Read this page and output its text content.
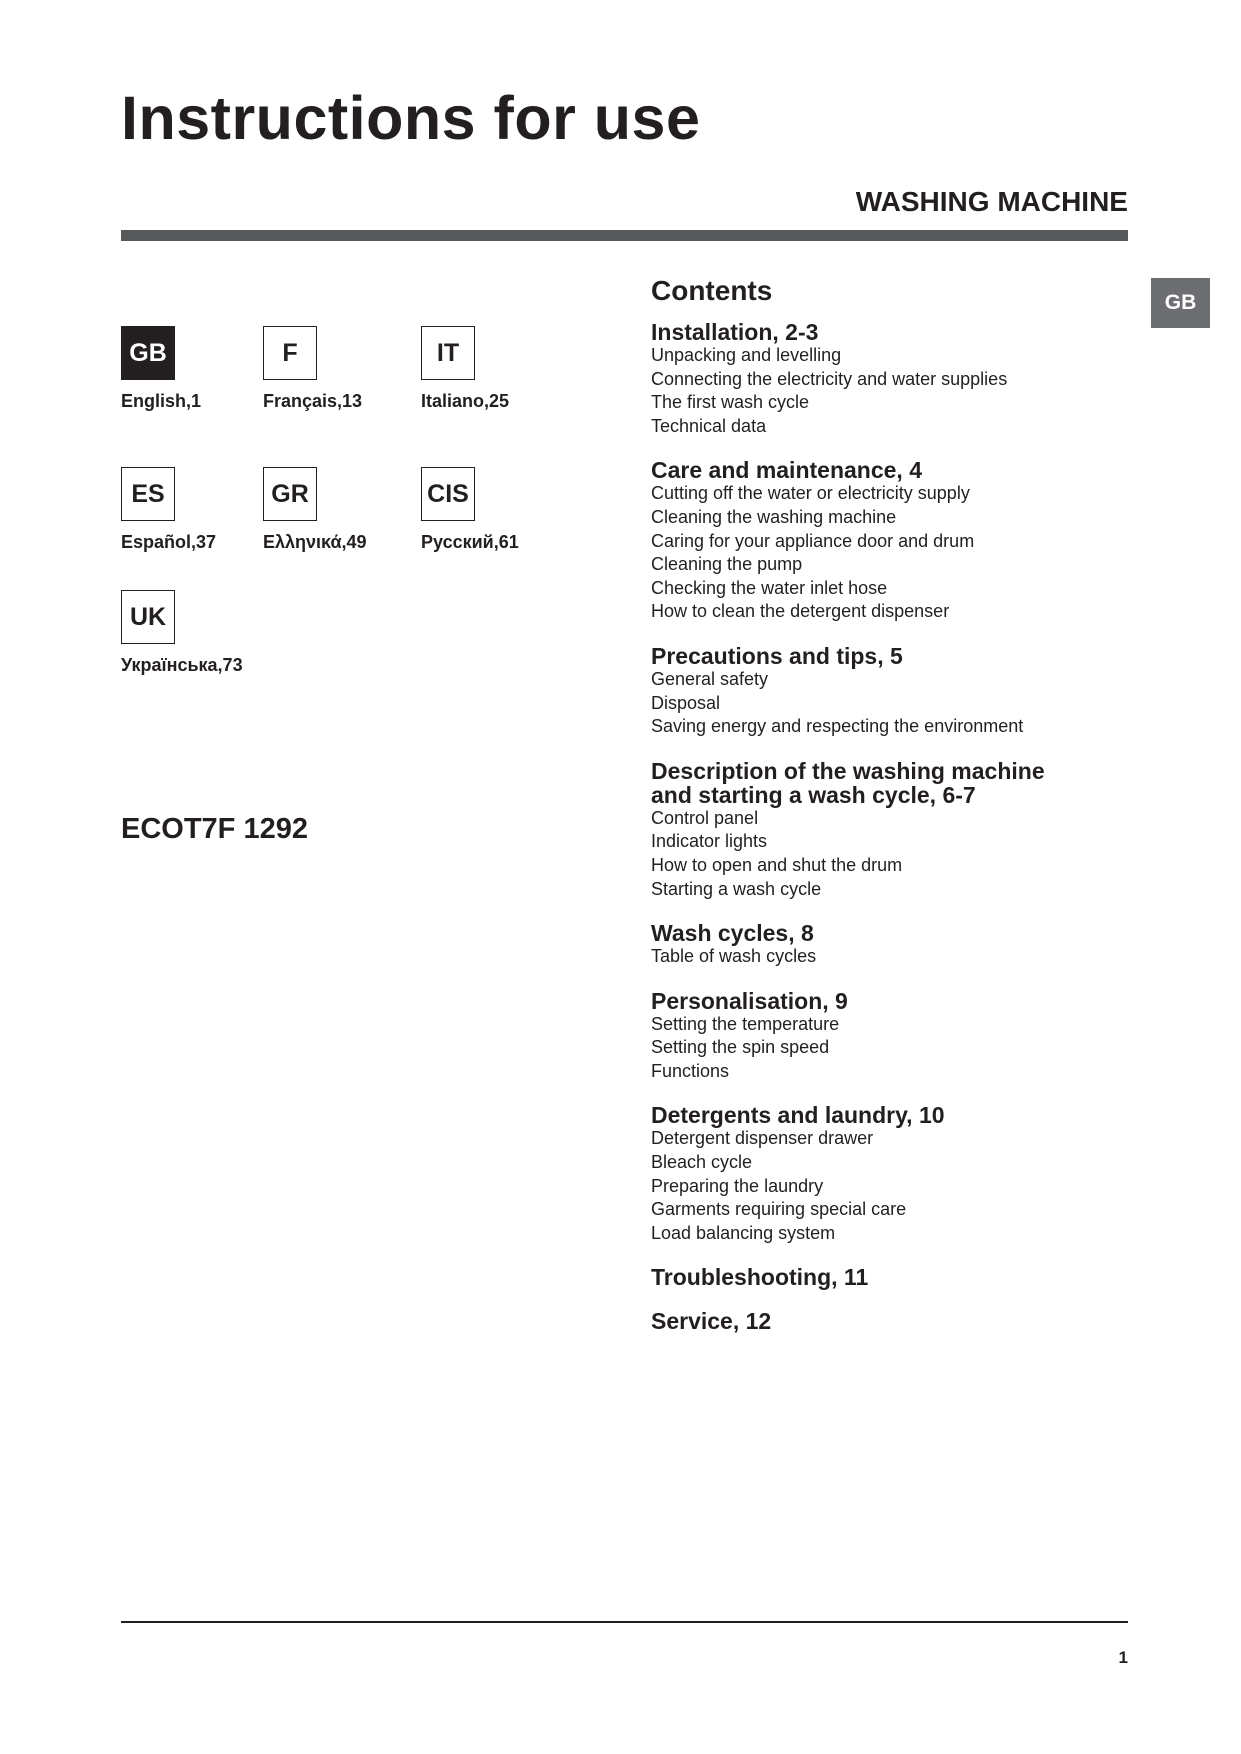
Instructions for use
WASHING MACHINE
GB
GB
English,1
F
Français,13
IT
Italiano,25
ES
Español,37
GR
Ελληνικά,49
CIS
Русский,61
UK
Українська,73
ECOT7F 1292
Contents
Installation, 2-3
Unpacking and levelling
Connecting the electricity and water supplies
The first wash cycle
Technical data
Care and maintenance, 4
Cutting off the water or electricity supply
Cleaning the washing machine
Caring for your appliance door and drum
Cleaning the pump
Checking the water inlet hose
How to clean the detergent dispenser
Precautions and tips, 5
General safety
Disposal
Saving energy and respecting the environment
Description of the washing machine
and starting a wash cycle, 6-7
Control panel
Indicator lights
How to open and shut the drum
Starting a wash cycle
Wash cycles, 8
Table of wash cycles
Personalisation, 9
Setting the temperature
Setting the spin speed
Functions
Detergents and laundry, 10
Detergent dispenser drawer
Bleach cycle
Preparing the laundry
Garments requiring special care
Load balancing system
Troubleshooting, 11
Service, 12
1
